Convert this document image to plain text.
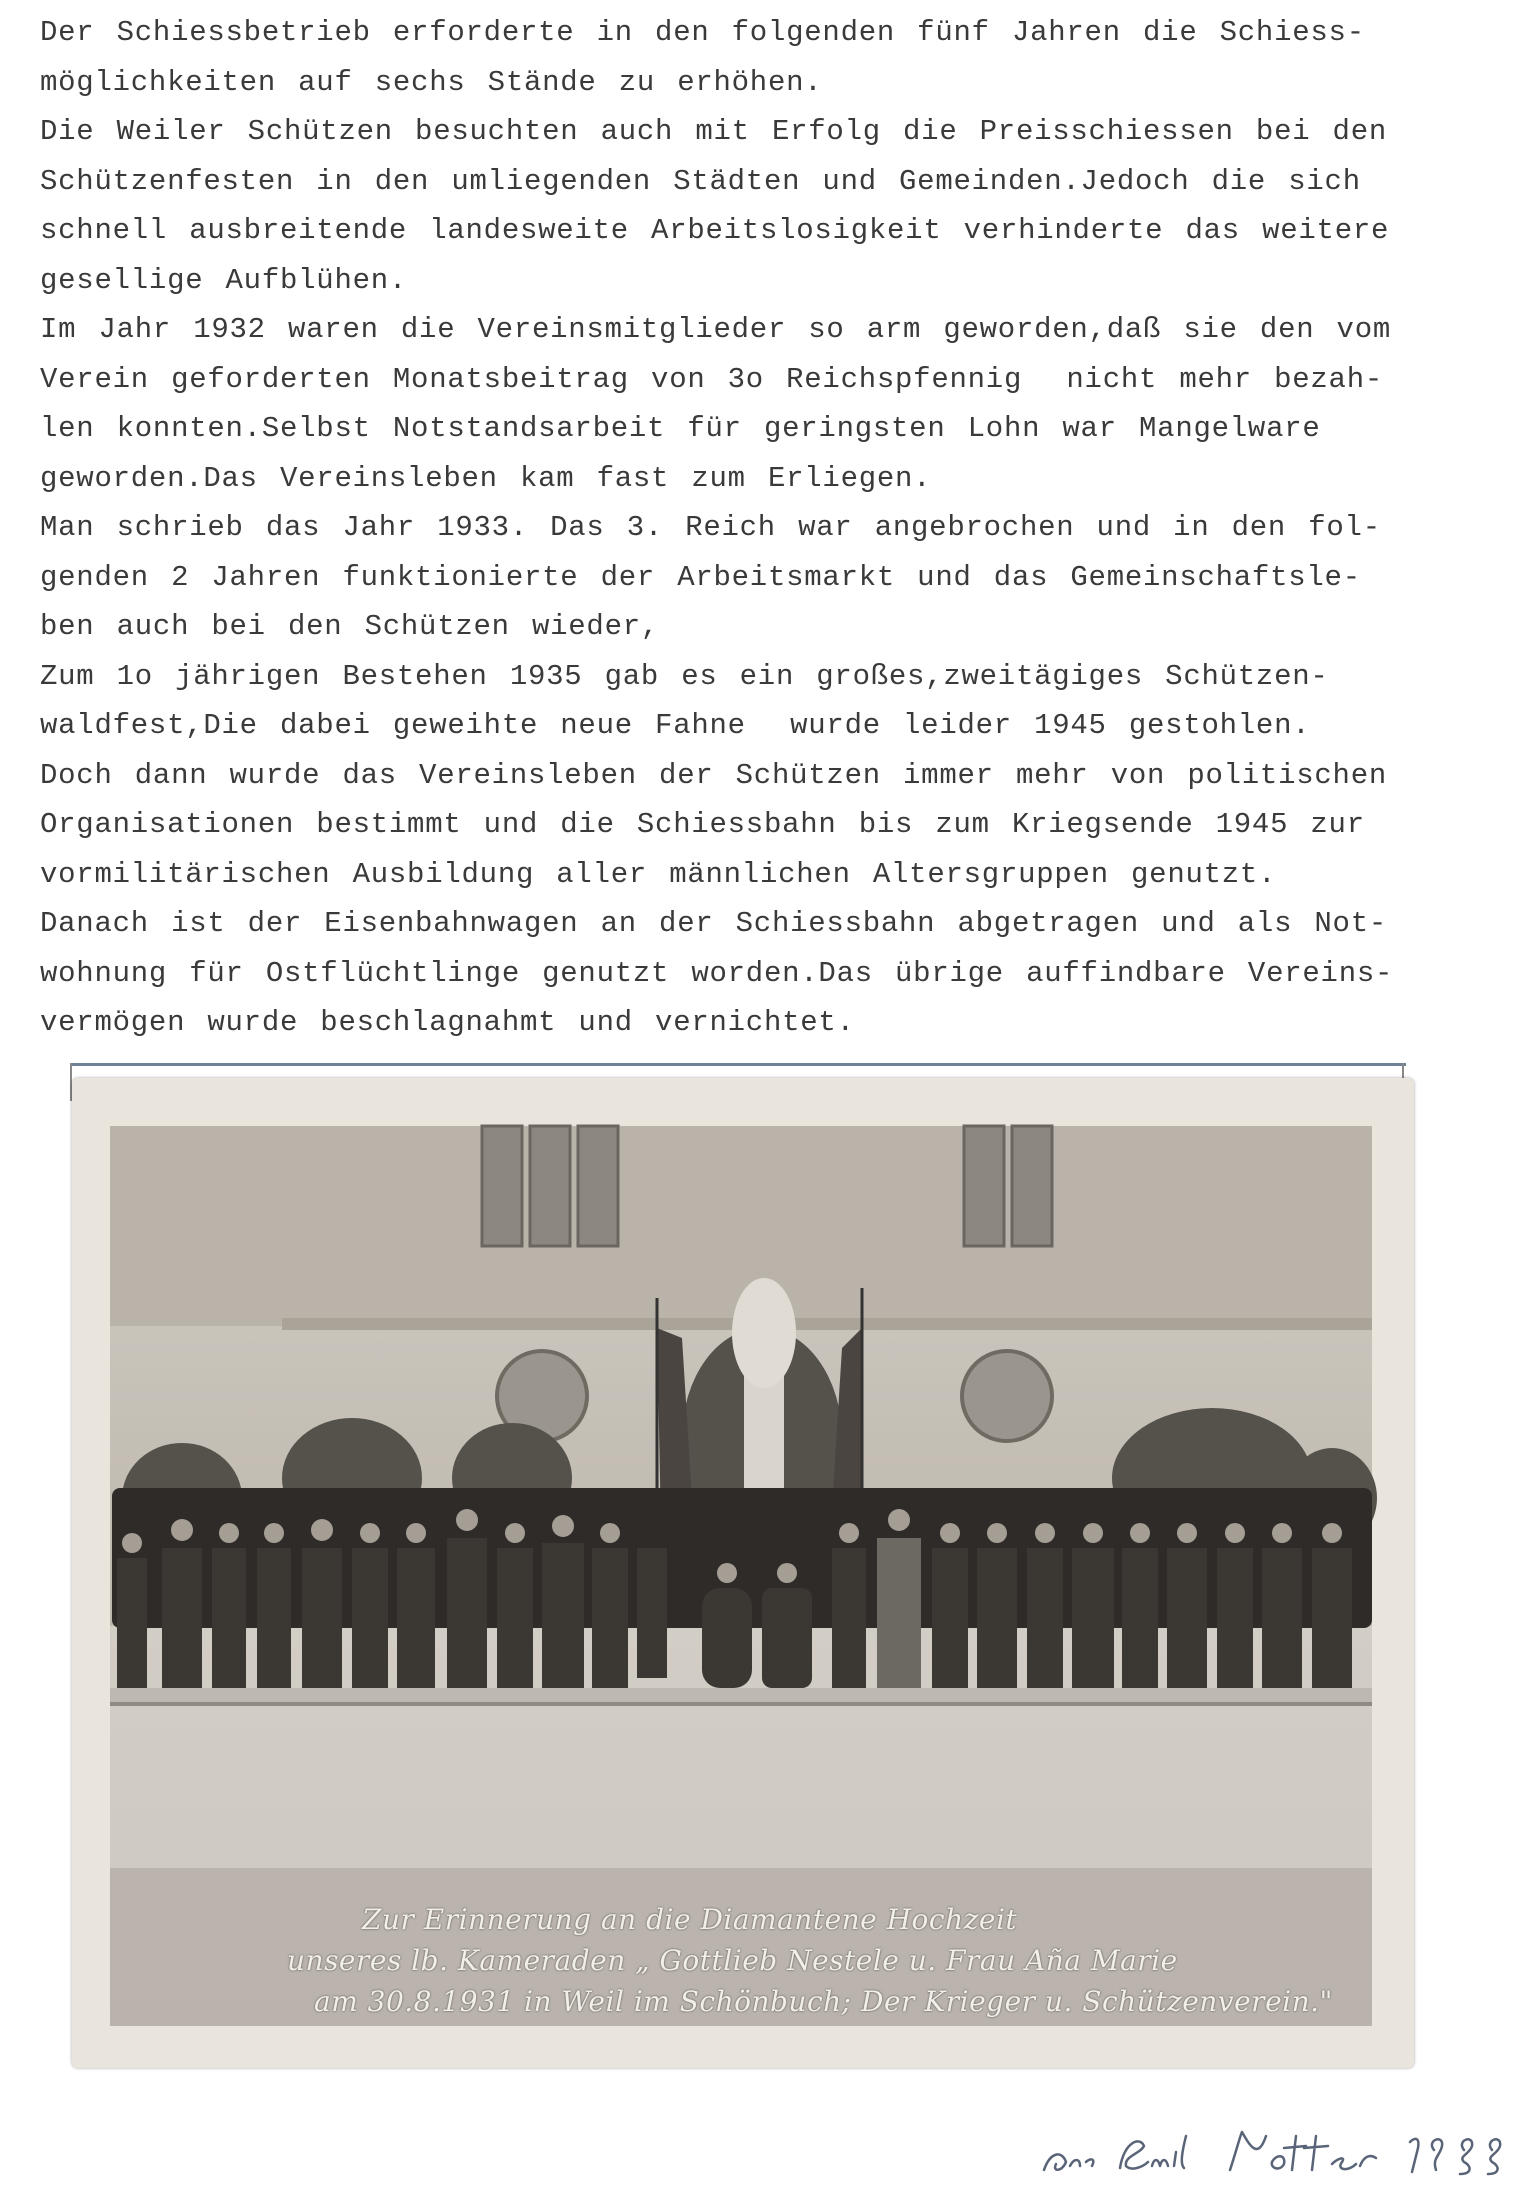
Der Schiessbetrieb erforderte in den folgenden fünf Jahren die Schiess-
möglichkeiten auf sechs Stände zu erhöhen.
Die Weiler Schützen besuchten auch mit Erfolg die Preisschiessen bei den
Schützenfesten in den umliegenden Städten und Gemeinden.Jedoch die sich
schnell ausbreitende landesweite Arbeitslosigkeit verhinderte das weitere
gesellige Aufblühen.
Im Jahr 1932 waren die Vereinsmitglieder so arm geworden,daß sie den vom
Verein geforderten Monatsbeitrag von 3o Reichspfennig  nicht mehr bezah-
len konnten.Selbst Notstandsarbeit für geringsten Lohn war Mangelware
geworden.Das Vereinsleben kam fast zum Erliegen.
Man schrieb das Jahr 1933. Das 3. Reich war angebrochen und in den fol-
genden 2 Jahren funktionierte der Arbeitsmarkt und das Gemeinschaftsle-
ben auch bei den Schützen wieder,
Zum 1o jährigen Bestehen 1935 gab es ein großes,zweitägiges Schützen-
waldfest,Die dabei geweihte neue Fahne  wurde leider 1945 gestohlen.
Doch dann wurde das Vereinsleben der Schützen immer mehr von politischen
Organisationen bestimmt und die Schiessbahn bis zum Kriegsende 1945 zur
vormilitärischen Ausbildung aller männlichen Altersgruppen genutzt.
Danach ist der Eisenbahnwagen an der Schiessbahn abgetragen und als Not-
wohnung für Ostflüchtlinge genutzt worden.Das übrige auffindbare Vereins-
vermögen wurde beschlagnahmt und vernichtet.
Zur Erinnerung an die Diamantene Hochzeit
unseres lb. Kameraden „ Gottlieb Nestele u. Frau Aña Marie
am 30.8.1931 in Weil im Schönbuch; Der Krieger u. Schützenverein."
